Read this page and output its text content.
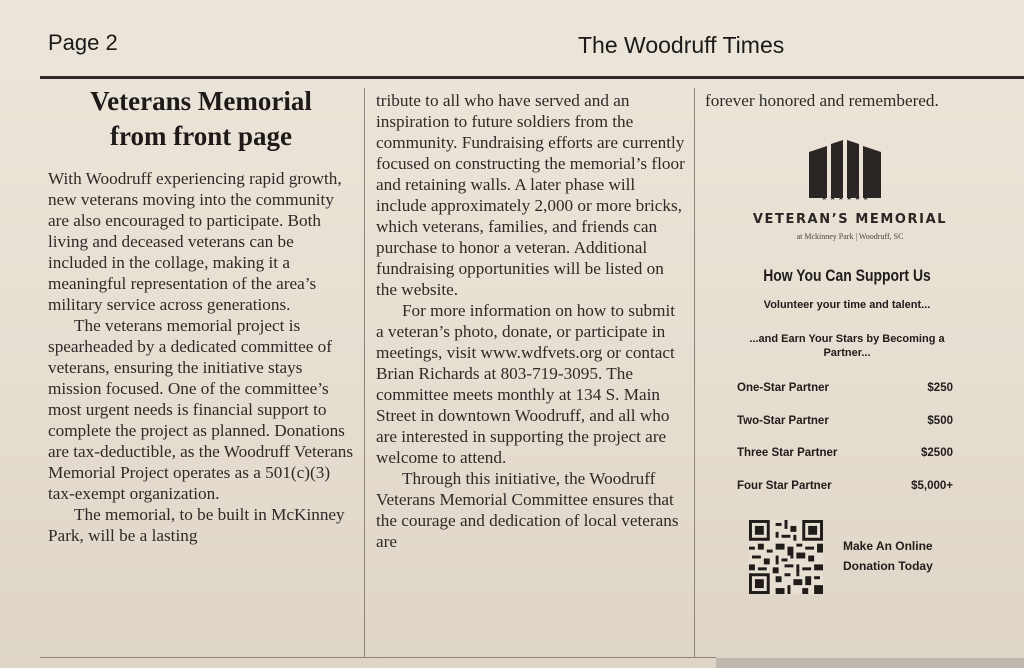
Page 2	The Woodruff Times
Veterans Memorial
from front page

With Woodruff experiencing rapid growth, new veterans moving into the community are also encouraged to participate. Both living and deceased veterans can be included in the collage, making it a meaningful representation of the area’s military service across generations.

The veterans memorial project is spearheaded by a dedicated committee of veterans, ensuring the initiative stays mission focused. One of the committee’s most urgent needs is financial support to complete the project as planned. Donations are tax-deductible, as the Woodruff Veterans Memorial Project operates as a 501(c)(3) tax-exempt organization.

The memorial, to be built in McKinney Park, will be a lasting

tribute to all who have served and an inspiration to future soldiers from the community. Fundraising efforts are currently focused on constructing the memorial’s floor and retaining walls. A later phase will include approximately 2,000 or more bricks, which veterans, families, and friends can purchase to honor a veteran. Additional fundraising opportunities will be listed on the website.

For more information on how to submit a veteran’s photo, donate, or participate in meetings, visit www.wdfvets.org or contact Brian Richards at 803-719-3095. The committee meets monthly at 134 S. Main Street in downtown Woodruff, and all who are interested in supporting the project are welcome to attend.

Through this initiative, the Woodruff Veterans Memorial Committee ensures that the courage and dedication of local veterans are

forever honored and remembered.

★★★★★★
VETERAN’S MEMORIAL
at Mckinney Park | Woodruff, SC
How You Can Support Us
Volunteer your time and talent...
...and Earn Your Stars by Becoming a
Partner...
One-Star Partner	$250
Two-Star Partner	$500
Three Star Partner	$2500
Four Star Partner	$5,000+
Make An Online
Donation Today
